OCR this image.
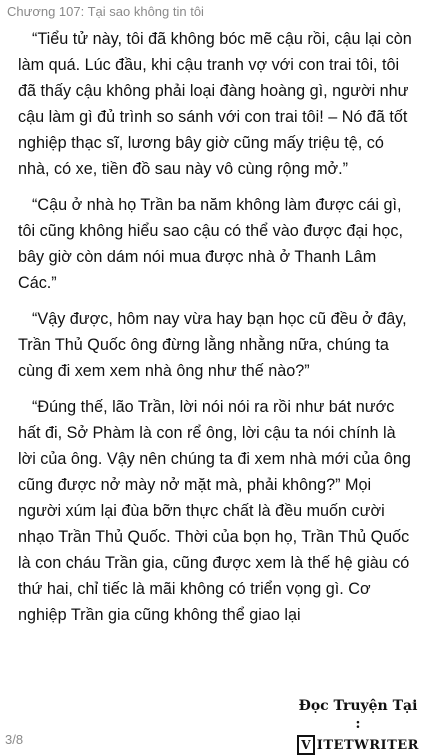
Chương 107: Tại sao không tin tôi

“Tiểu tử này, tôi đã không bóc mẽ cậu rồi, cậu lại còn làm quá. Lúc đầu, khi cậu tranh vợ với con trai tôi, tôi đã thấy cậu không phải loại đàng hoàng gì, người như cậu làm gì đủ trình so sánh với con trai tôi! – Nó đã tốt nghiệp thạc sĩ, lương bây giờ cũng mấy triệu tệ, có nhà, có xe, tiền đồ sau này vô cùng rộng mở.”

“Cậu ở nhà họ Trần ba năm không làm được cái gì, tôi cũng không hiểu sao cậu có thể vào được đại học, bây giờ còn dám nói mua được nhà ở Thanh Lâm Các.”

“Vậy được, hôm nay vừa hay bạn học cũ đều ở đây, Trần Thủ Quốc ông đừng lằng nhằng nữa, chúng ta cùng đi xem xem nhà ông như thế nào?”

“Đúng thế, lão Trần, lời nói nói ra rồi như bát nước hất đi, Sở Phàm là con rể ông, lời cậu ta nói chính là lời của ông. Vậy nên chúng ta đi xem nhà mới của ông cũng được nở mày nở mặt mà, phải không?” Mọi người xúm lại đùa bỡn thực chất là đều muốn cười nhạo Trần Thủ Quốc. Thời của bọn họ, Trần Thủ Quốc là con cháu Trần gia, cũng được xem là thế hệ giàu có thứ hai, chỉ tiếc là mãi không có triển vọng gì. Cơ nghiệp Trần gia cũng không thể giao lại

3/8
Đọc Truyện Tại :
V ITETWRITER
